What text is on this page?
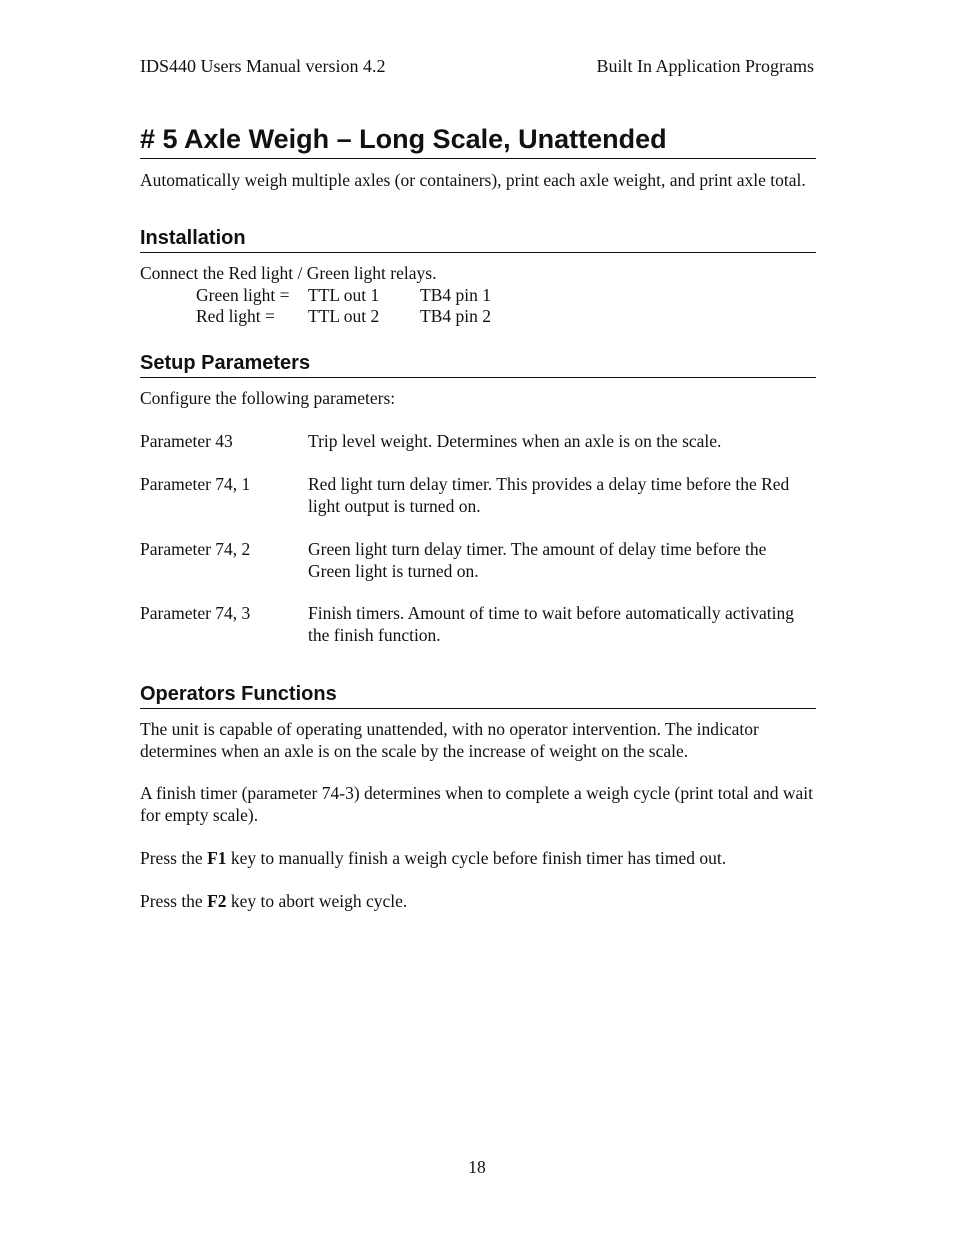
IDS440 Users Manual version 4.2	Built In Application Programs
# 5 Axle Weigh – Long Scale, Unattended
Automatically weigh multiple axles (or containers), print each axle weight, and print axle total.
Installation
Connect the Red light / Green light relays.
Green light = TTL out 1 TB4 pin 1
Red light = TTL out 2 TB4 pin 2
Setup Parameters
Configure the following parameters:
Parameter 43	Trip level weight. Determines when an axle is on the scale.
Parameter 74, 1	Red light turn delay timer. This provides a delay time before the Red light output is turned on.
Parameter 74, 2	Green light turn delay timer. The amount of delay time before the Green light is turned on.
Parameter 74, 3	Finish timers. Amount of time to wait before automatically activating the finish function.
Operators Functions
The unit is capable of operating unattended, with no operator intervention. The indicator determines when an axle is on the scale by the increase of weight on the scale.
A finish timer (parameter 74-3) determines when to complete a weigh cycle (print total and wait for empty scale).
Press the F1 key to manually finish a weigh cycle before finish timer has timed out.
Press the F2 key to abort weigh cycle.
18
